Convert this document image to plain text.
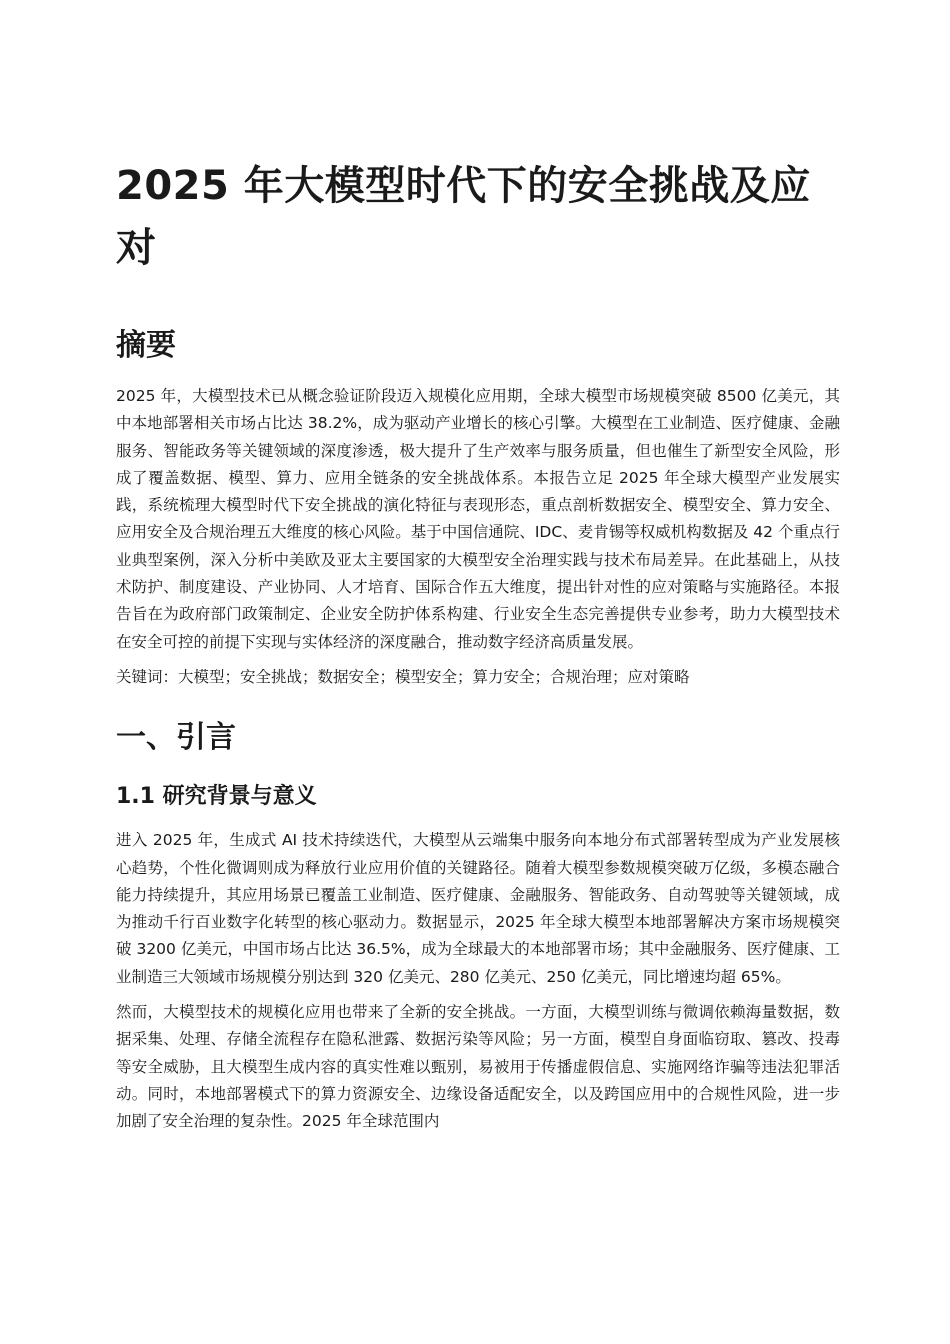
2025 年大模型时代下的安全挑战及应对
摘要

2025 年，大模型技术已从概念验证阶段迈入规模化应用期，全球大模型市场规模突破 8500 亿美元，其中本地部署相关市场占比达 38.2%，成为驱动产业增长的核心引擎。大模型在工业制造、医疗健康、金融服务、智能政务等关键领域的深度渗透，极大提升了生产效率与服务质量，但也催生了新型安全风险，形成了覆盖数据、模型、算力、应用全链条的安全挑战体系。本报告立足 2025 年全球大模型产业发展实践，系统梳理大模型时代下安全挑战的演化特征与表现形态，重点剖析数据安全、模型安全、算力安全、应用安全及合规治理五大维度的核心风险。基于中国信通院、IDC、麦肯锡等权威机构数据及 42 个重点行业典型案例，深入分析中美欧及亚太主要国家的大模型安全治理实践与技术布局差异。在此基础上，从技术防护、制度建设、产业协同、人才培育、国际合作五大维度，提出针对性的应对策略与实施路径。本报告旨在为政府部门政策制定、企业安全防护体系构建、行业安全生态完善提供专业参考，助力大模型技术在安全可控的前提下实现与实体经济的深度融合，推动数字经济高质量发展。

关键词：大模型；安全挑战；数据安全；模型安全；算力安全；合规治理；应对策略

一、引言
1.1 研究背景与意义

进入 2025 年，生成式 AI 技术持续迭代，大模型从云端集中服务向本地分布式部署转型成为产业发展核心趋势，个性化微调则成为释放行业应用价值的关键路径。随着大模型参数规模突破万亿级，多模态融合能力持续提升，其应用场景已覆盖工业制造、医疗健康、金融服务、智能政务、自动驾驶等关键领域，成为推动千行百业数字化转型的核心驱动力。数据显示，2025 年全球大模型本地部署解决方案市场规模突破 3200 亿美元，中国市场占比达 36.5%，成为全球最大的本地部署市场；其中金融服务、医疗健康、工业制造三大领域市场规模分别达到 320 亿美元、280 亿美元、250 亿美元，同比增速均超 65%。

然而，大模型技术的规模化应用也带来了全新的安全挑战。一方面，大模型训练与微调依赖海量数据，数据采集、处理、存储全流程存在隐私泄露、数据污染等风险；另一方面，模型自身面临窃取、篡改、投毒等安全威胁，且大模型生成内容的真实性难以甄别，易被用于传播虚假信息、实施网络诈骗等违法犯罪活动。同时，本地部署模式下的算力资源安全、边缘设备适配安全，以及跨国应用中的合规性风险，进一步加剧了安全治理的复杂性。2025 年全球范围内
